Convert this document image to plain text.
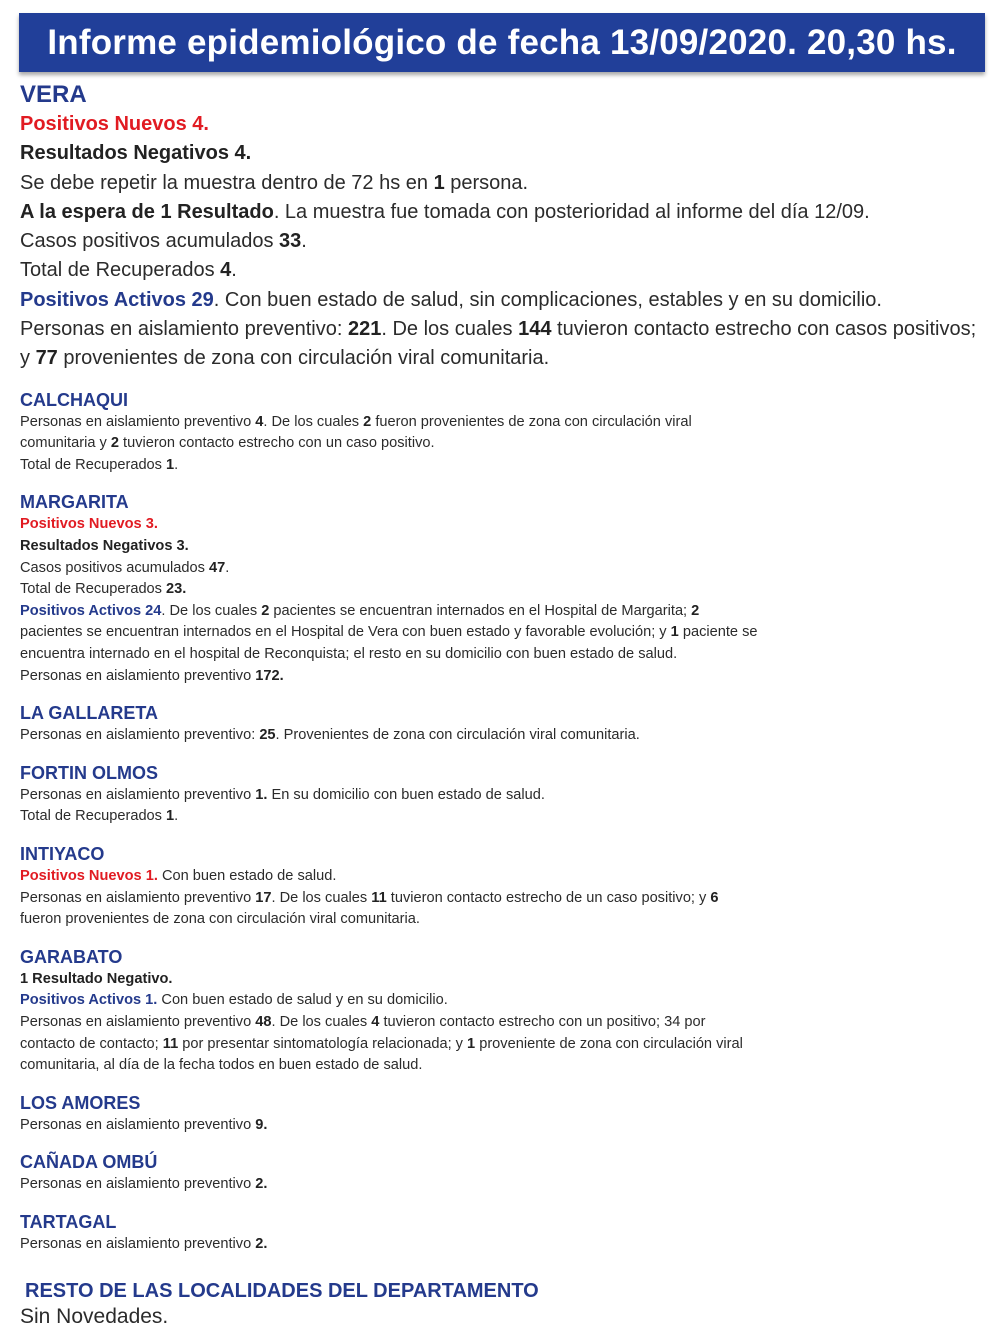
Informe epidemiológico de fecha 13/09/2020. 20,30 hs.
VERA

Positivos Nuevos 4.

Resultados Negativos 4.

Se debe repetir la muestra dentro de 72 hs en 1 persona.

A la espera de 1 Resultado. La muestra fue tomada con posterioridad al informe del día 12/09.

Casos positivos acumulados 33.

Total de Recuperados 4.

Positivos Activos 29. Con buen estado de salud, sin complicaciones, estables y en su domicilio.

Personas en aislamiento preventivo: 221. De los cuales 144 tuvieron contacto estrecho con casos positivos; y 77 provenientes de zona con circulación viral comunitaria.

CALCHAQUI

Personas en aislamiento preventivo 4. De los cuales 2 fueron provenientes de zona con circulación viral comunitaria y 2 tuvieron contacto estrecho con un caso positivo.

Total de Recuperados 1.

MARGARITA

Positivos Nuevos 3.

Resultados Negativos 3.

Casos positivos acumulados 47.

Total de Recuperados 23.

Positivos Activos 24. De los cuales 2 pacientes se encuentran internados en el Hospital de Margarita; 2 pacientes se encuentran internados en el Hospital de Vera con buen estado y favorable evolución; y 1 paciente se encuentra internado en el hospital de Reconquista; el resto en su domicilio con buen estado de salud.

Personas en aislamiento preventivo 172.

LA GALLARETA

Personas en aislamiento preventivo: 25. Provenientes de zona con circulación viral comunitaria.

FORTIN OLMOS

Personas en aislamiento preventivo 1. En su domicilio con buen estado de salud.

Total de Recuperados 1.

INTIYACO

Positivos Nuevos 1. Con buen estado de salud.

Personas en aislamiento preventivo 17. De los cuales 11 tuvieron contacto estrecho de un caso positivo; y 6 fueron provenientes de zona con circulación viral comunitaria.

GARABATO

1 Resultado Negativo.

Positivos Activos 1. Con buen estado de salud y en su domicilio.

Personas en aislamiento preventivo 48. De los cuales 4 tuvieron contacto estrecho con un positivo; 34 por contacto de contacto; 11 por presentar sintomatología relacionada; y 1 proveniente de zona con circulación viral comunitaria, al día de la fecha todos en buen estado de salud.

LOS AMORES

Personas en aislamiento preventivo 9.

CAÑADA OMBÚ

Personas en aislamiento preventivo 2.

TARTAGAL

Personas en aislamiento preventivo 2.

RESTO DE LAS LOCALIDADES DEL DEPARTAMENTO

Sin Novedades.
